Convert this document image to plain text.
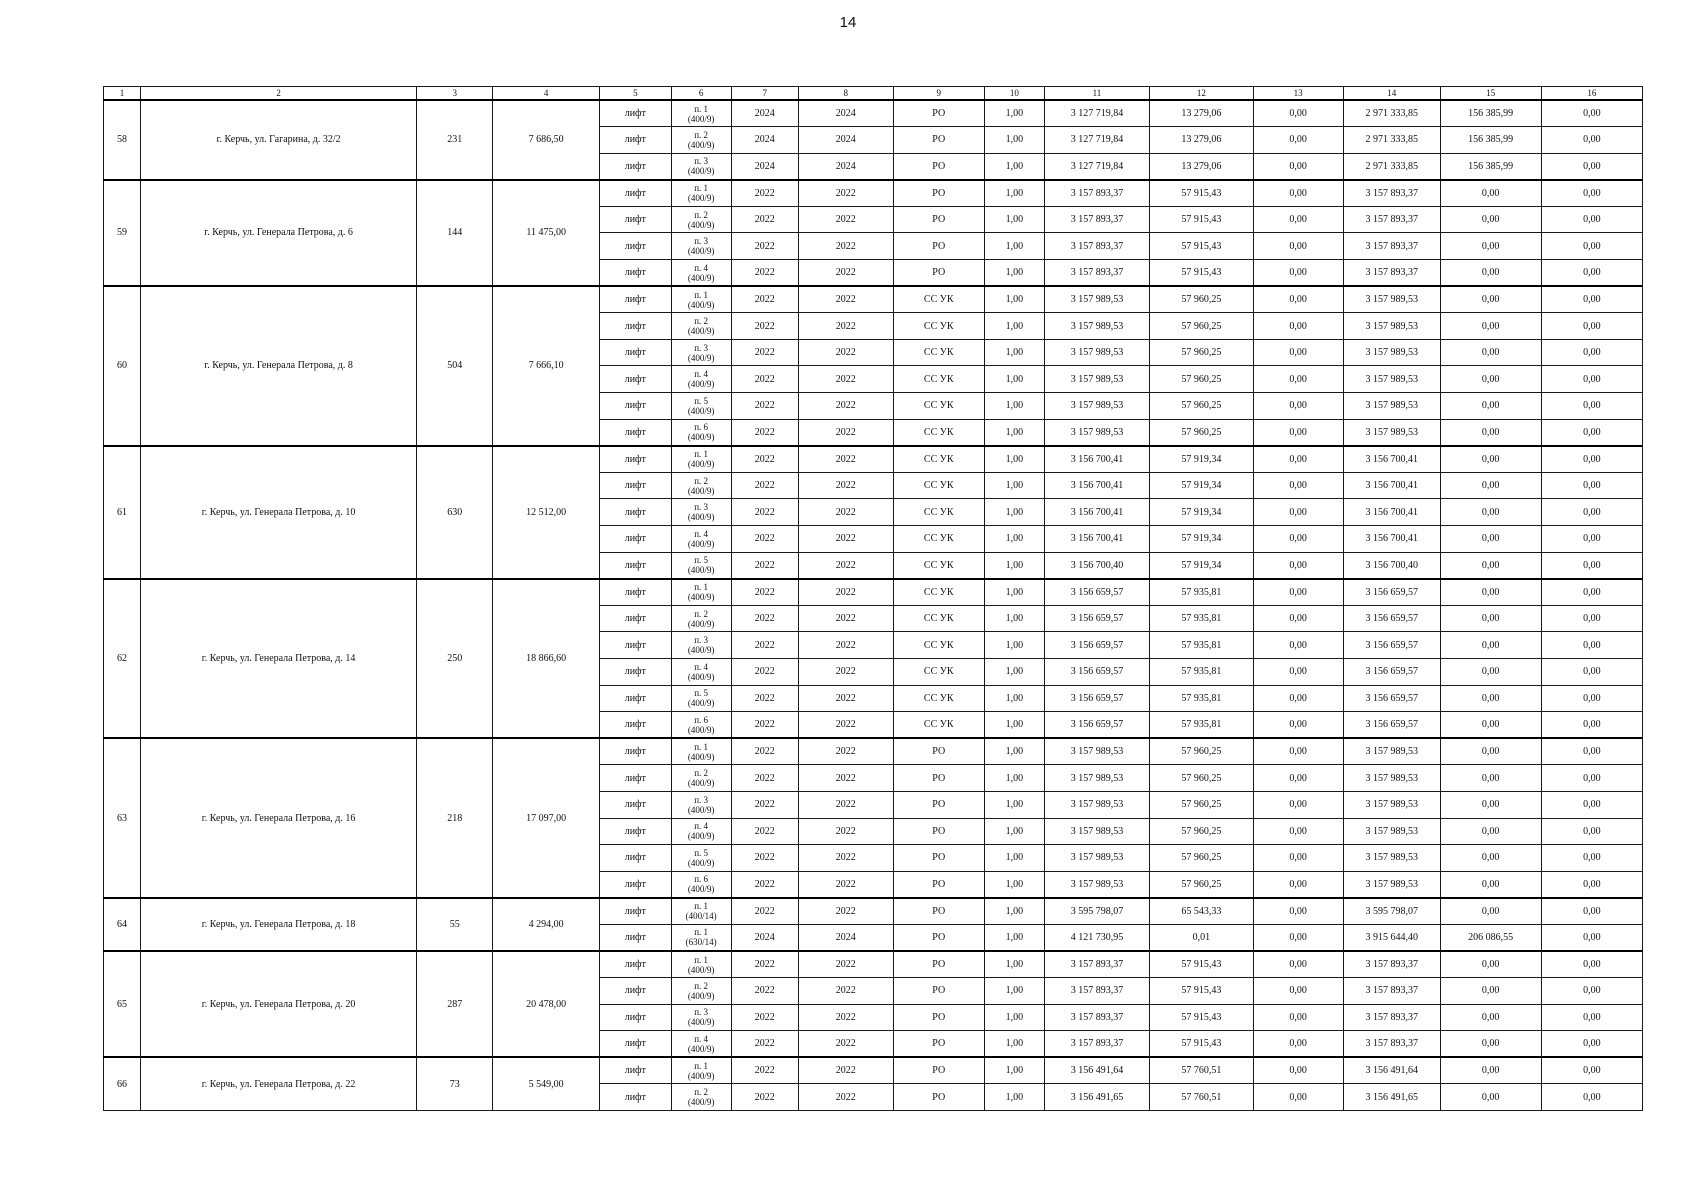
14
1	2	3	4	5	6	7	8	9	10	11	12	13	14	15	16
58	г. Керчь, ул. Гагарина, д. 32/2	231	7 686,50	лифт	п. 1
(400/9)	2024	2024	РО	1,00	3 127 719,84	13 279,06	0,00	2 971 333,85	156 385,99	0,00
				лифт	п. 2
(400/9)	2024	2024	РО	1,00	3 127 719,84	13 279,06	0,00	2 971 333,85	156 385,99	0,00
				лифт	п. 3
(400/9)	2024	2024	РО	1,00	3 127 719,84	13 279,06	0,00	2 971 333,85	156 385,99	0,00
59	г. Керчь, ул. Генерала Петрова, д. 6	144	11 475,00	лифт	п. 1
(400/9)	2022	2022	РО	1,00	3 157 893,37	57 915,43	0,00	3 157 893,37	0,00	0,00
				лифт	п. 2
(400/9)	2022	2022	РО	1,00	3 157 893,37	57 915,43	0,00	3 157 893,37	0,00	0,00
				лифт	п. 3
(400/9)	2022	2022	РО	1,00	3 157 893,37	57 915,43	0,00	3 157 893,37	0,00	0,00
				лифт	п. 4
(400/9)	2022	2022	РО	1,00	3 157 893,37	57 915,43	0,00	3 157 893,37	0,00	0,00
60	г. Керчь, ул. Генерала Петрова, д. 8	504	7 666,10	лифт	п. 1
(400/9)	2022	2022	СС УК	1,00	3 157 989,53	57 960,25	0,00	3 157 989,53	0,00	0,00
				лифт	п. 2
(400/9)	2022	2022	СС УК	1,00	3 157 989,53	57 960,25	0,00	3 157 989,53	0,00	0,00
				лифт	п. 3
(400/9)	2022	2022	СС УК	1,00	3 157 989,53	57 960,25	0,00	3 157 989,53	0,00	0,00
				лифт	п. 4
(400/9)	2022	2022	СС УК	1,00	3 157 989,53	57 960,25	0,00	3 157 989,53	0,00	0,00
				лифт	п. 5
(400/9)	2022	2022	СС УК	1,00	3 157 989,53	57 960,25	0,00	3 157 989,53	0,00	0,00
				лифт	п. 6
(400/9)	2022	2022	СС УК	1,00	3 157 989,53	57 960,25	0,00	3 157 989,53	0,00	0,00
61	г. Керчь, ул. Генерала Петрова, д. 10	630	12 512,00	лифт	п. 1
(400/9)	2022	2022	СС УК	1,00	3 156 700,41	57 919,34	0,00	3 156 700,41	0,00	0,00
				лифт	п. 2
(400/9)	2022	2022	СС УК	1,00	3 156 700,41	57 919,34	0,00	3 156 700,41	0,00	0,00
				лифт	п. 3
(400/9)	2022	2022	СС УК	1,00	3 156 700,41	57 919,34	0,00	3 156 700,41	0,00	0,00
				лифт	п. 4
(400/9)	2022	2022	СС УК	1,00	3 156 700,41	57 919,34	0,00	3 156 700,41	0,00	0,00
				лифт	п. 5
(400/9)	2022	2022	СС УК	1,00	3 156 700,40	57 919,34	0,00	3 156 700,40	0,00	0,00
62	г. Керчь, ул. Генерала Петрова, д. 14	250	18 866,60	лифт	п. 1
(400/9)	2022	2022	СС УК	1,00	3 156 659,57	57 935,81	0,00	3 156 659,57	0,00	0,00
				лифт	п. 2
(400/9)	2022	2022	СС УК	1,00	3 156 659,57	57 935,81	0,00	3 156 659,57	0,00	0,00
				лифт	п. 3
(400/9)	2022	2022	СС УК	1,00	3 156 659,57	57 935,81	0,00	3 156 659,57	0,00	0,00
				лифт	п. 4
(400/9)	2022	2022	СС УК	1,00	3 156 659,57	57 935,81	0,00	3 156 659,57	0,00	0,00
				лифт	п. 5
(400/9)	2022	2022	СС УК	1,00	3 156 659,57	57 935,81	0,00	3 156 659,57	0,00	0,00
				лифт	п. 6
(400/9)	2022	2022	СС УК	1,00	3 156 659,57	57 935,81	0,00	3 156 659,57	0,00	0,00
63	г. Керчь, ул. Генерала Петрова, д. 16	218	17 097,00	лифт	п. 1
(400/9)	2022	2022	РО	1,00	3 157 989,53	57 960,25	0,00	3 157 989,53	0,00	0,00
				лифт	п. 2
(400/9)	2022	2022	РО	1,00	3 157 989,53	57 960,25	0,00	3 157 989,53	0,00	0,00
				лифт	п. 3
(400/9)	2022	2022	РО	1,00	3 157 989,53	57 960,25	0,00	3 157 989,53	0,00	0,00
				лифт	п. 4
(400/9)	2022	2022	РО	1,00	3 157 989,53	57 960,25	0,00	3 157 989,53	0,00	0,00
				лифт	п. 5
(400/9)	2022	2022	РО	1,00	3 157 989,53	57 960,25	0,00	3 157 989,53	0,00	0,00
				лифт	п. 6
(400/9)	2022	2022	РО	1,00	3 157 989,53	57 960,25	0,00	3 157 989,53	0,00	0,00
64	г. Керчь, ул. Генерала Петрова, д. 18	55	4 294,00	лифт	п. 1
(400/14)	2022	2022	РО	1,00	3 595 798,07	65 543,33	0,00	3 595 798,07	0,00	0,00
				лифт	п. 1
(630/14)	2024	2024	РО	1,00	4 121 730,95	0,01	0,00	3 915 644,40	206 086,55	0,00
65	г. Керчь, ул. Генерала Петрова, д. 20	287	20 478,00	лифт	п. 1
(400/9)	2022	2022	РО	1,00	3 157 893,37	57 915,43	0,00	3 157 893,37	0,00	0,00
				лифт	п. 2
(400/9)	2022	2022	РО	1,00	3 157 893,37	57 915,43	0,00	3 157 893,37	0,00	0,00
				лифт	п. 3
(400/9)	2022	2022	РО	1,00	3 157 893,37	57 915,43	0,00	3 157 893,37	0,00	0,00
				лифт	п. 4
(400/9)	2022	2022	РО	1,00	3 157 893,37	57 915,43	0,00	3 157 893,37	0,00	0,00
66	г. Керчь, ул. Генерала Петрова, д. 22	73	5 549,00	лифт	п. 1
(400/9)	2022	2022	РО	1,00	3 156 491,64	57 760,51	0,00	3 156 491,64	0,00	0,00
				лифт	п. 2
(400/9)	2022	2022	РО	1,00	3 156 491,65	57 760,51	0,00	3 156 491,65	0,00	0,00
